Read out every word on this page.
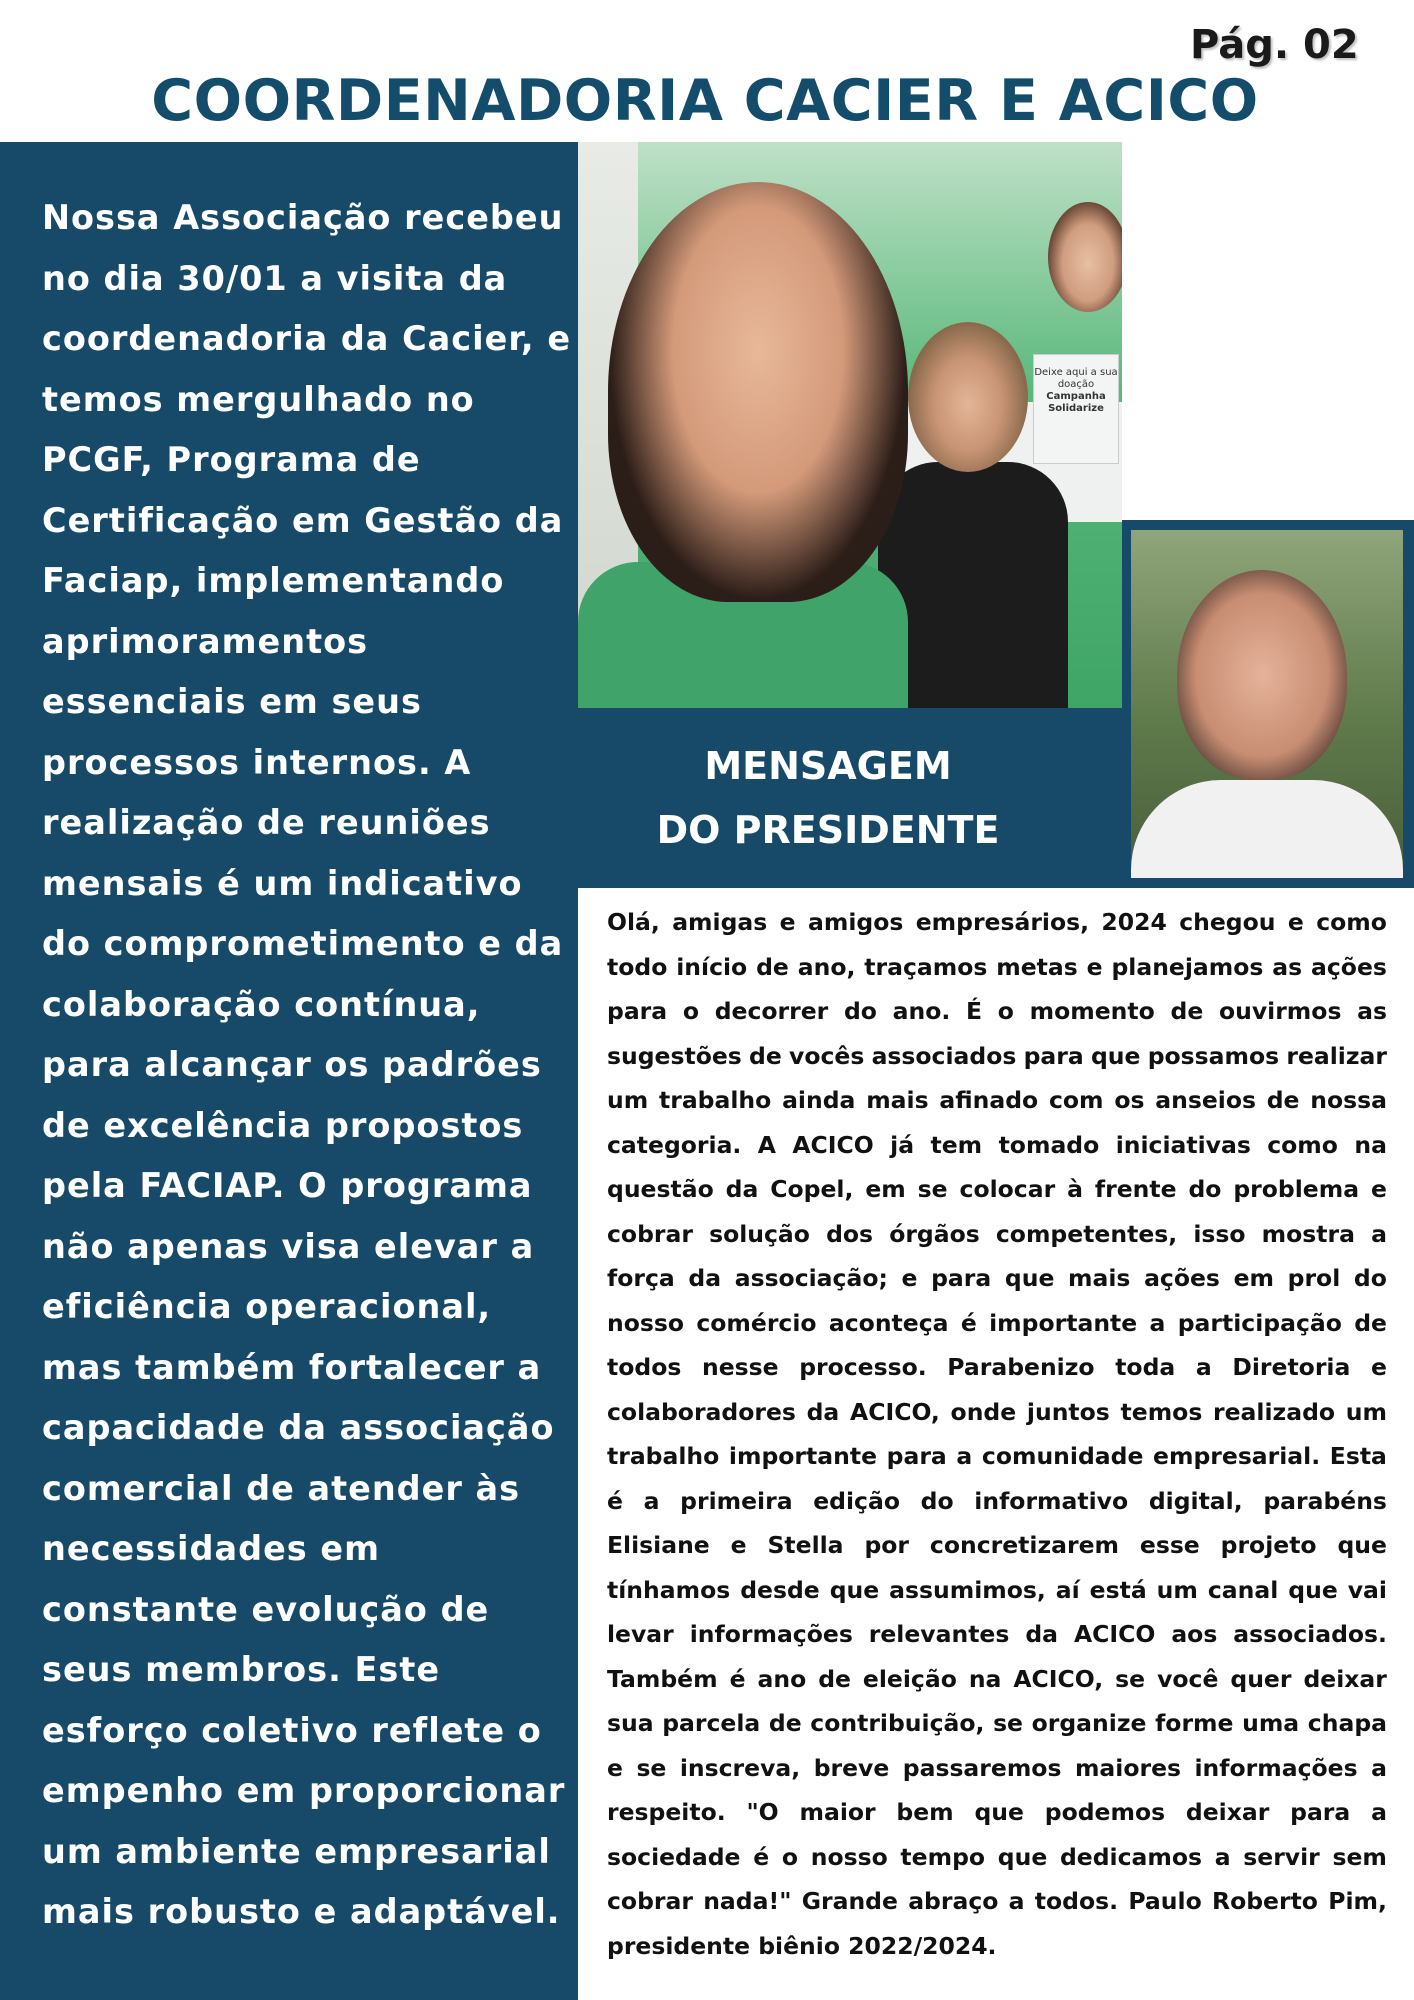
Pág. 02
COORDENADORIA CACIER E ACICO
Nossa Associação recebeu
no dia 30/01 a visita da
coordenadoria da Cacier, e
temos mergulhado no
PCGF, Programa de
Certificação em Gestão da
Faciap, implementando
aprimoramentos
essenciais em seus
processos internos. A
realização de reuniões
mensais é um indicativo
do comprometimento e da
colaboração contínua,
para alcançar os padrões
de excelência propostos
pela FACIAP. O programa
não apenas visa elevar a
eficiência operacional,
mas também fortalecer a
capacidade da associação
comercial de atender às
necessidades em
constante evolução de
seus membros. Este
esforço coletivo reflete o
empenho em proporcionar
um ambiente empresarial
mais robusto e adaptável.
Deixe aqui a sua doação
Campanha
Solidarize
MENSAGEM
DO PRESIDENTE
Olá, amigas e amigos empresários, 2024 chegou e como
todo início de ano, traçamos metas e planejamos as ações
para o decorrer do ano. É o momento de ouvirmos as
sugestões de vocês associados para que possamos realizar
um trabalho ainda mais afinado com os anseios de nossa
categoria. A ACICO já tem tomado iniciativas como na
questão da Copel, em se colocar à frente do problema e
cobrar solução dos órgãos competentes, isso mostra a
força da associação; e para que mais ações em prol do
nosso comércio aconteça é importante a participação de
todos nesse processo. Parabenizo toda a Diretoria e
colaboradores da ACICO, onde juntos temos realizado um
trabalho importante para a comunidade empresarial. Esta
é a primeira edição do informativo digital, parabéns
Elisiane e Stella por concretizarem esse projeto que
tínhamos desde que assumimos, aí está um canal que vai
levar informações relevantes da ACICO aos associados.
Também é ano de eleição na ACICO, se você quer deixar
sua parcela de contribuição, se organize forme uma chapa
e se inscreva, breve passaremos maiores informações a
respeito. "O maior bem que podemos deixar para a
sociedade é o nosso tempo que dedicamos a servir sem
cobrar nada!" Grande abraço a todos. Paulo Roberto Pim,
presidente biênio 2022/2024.
